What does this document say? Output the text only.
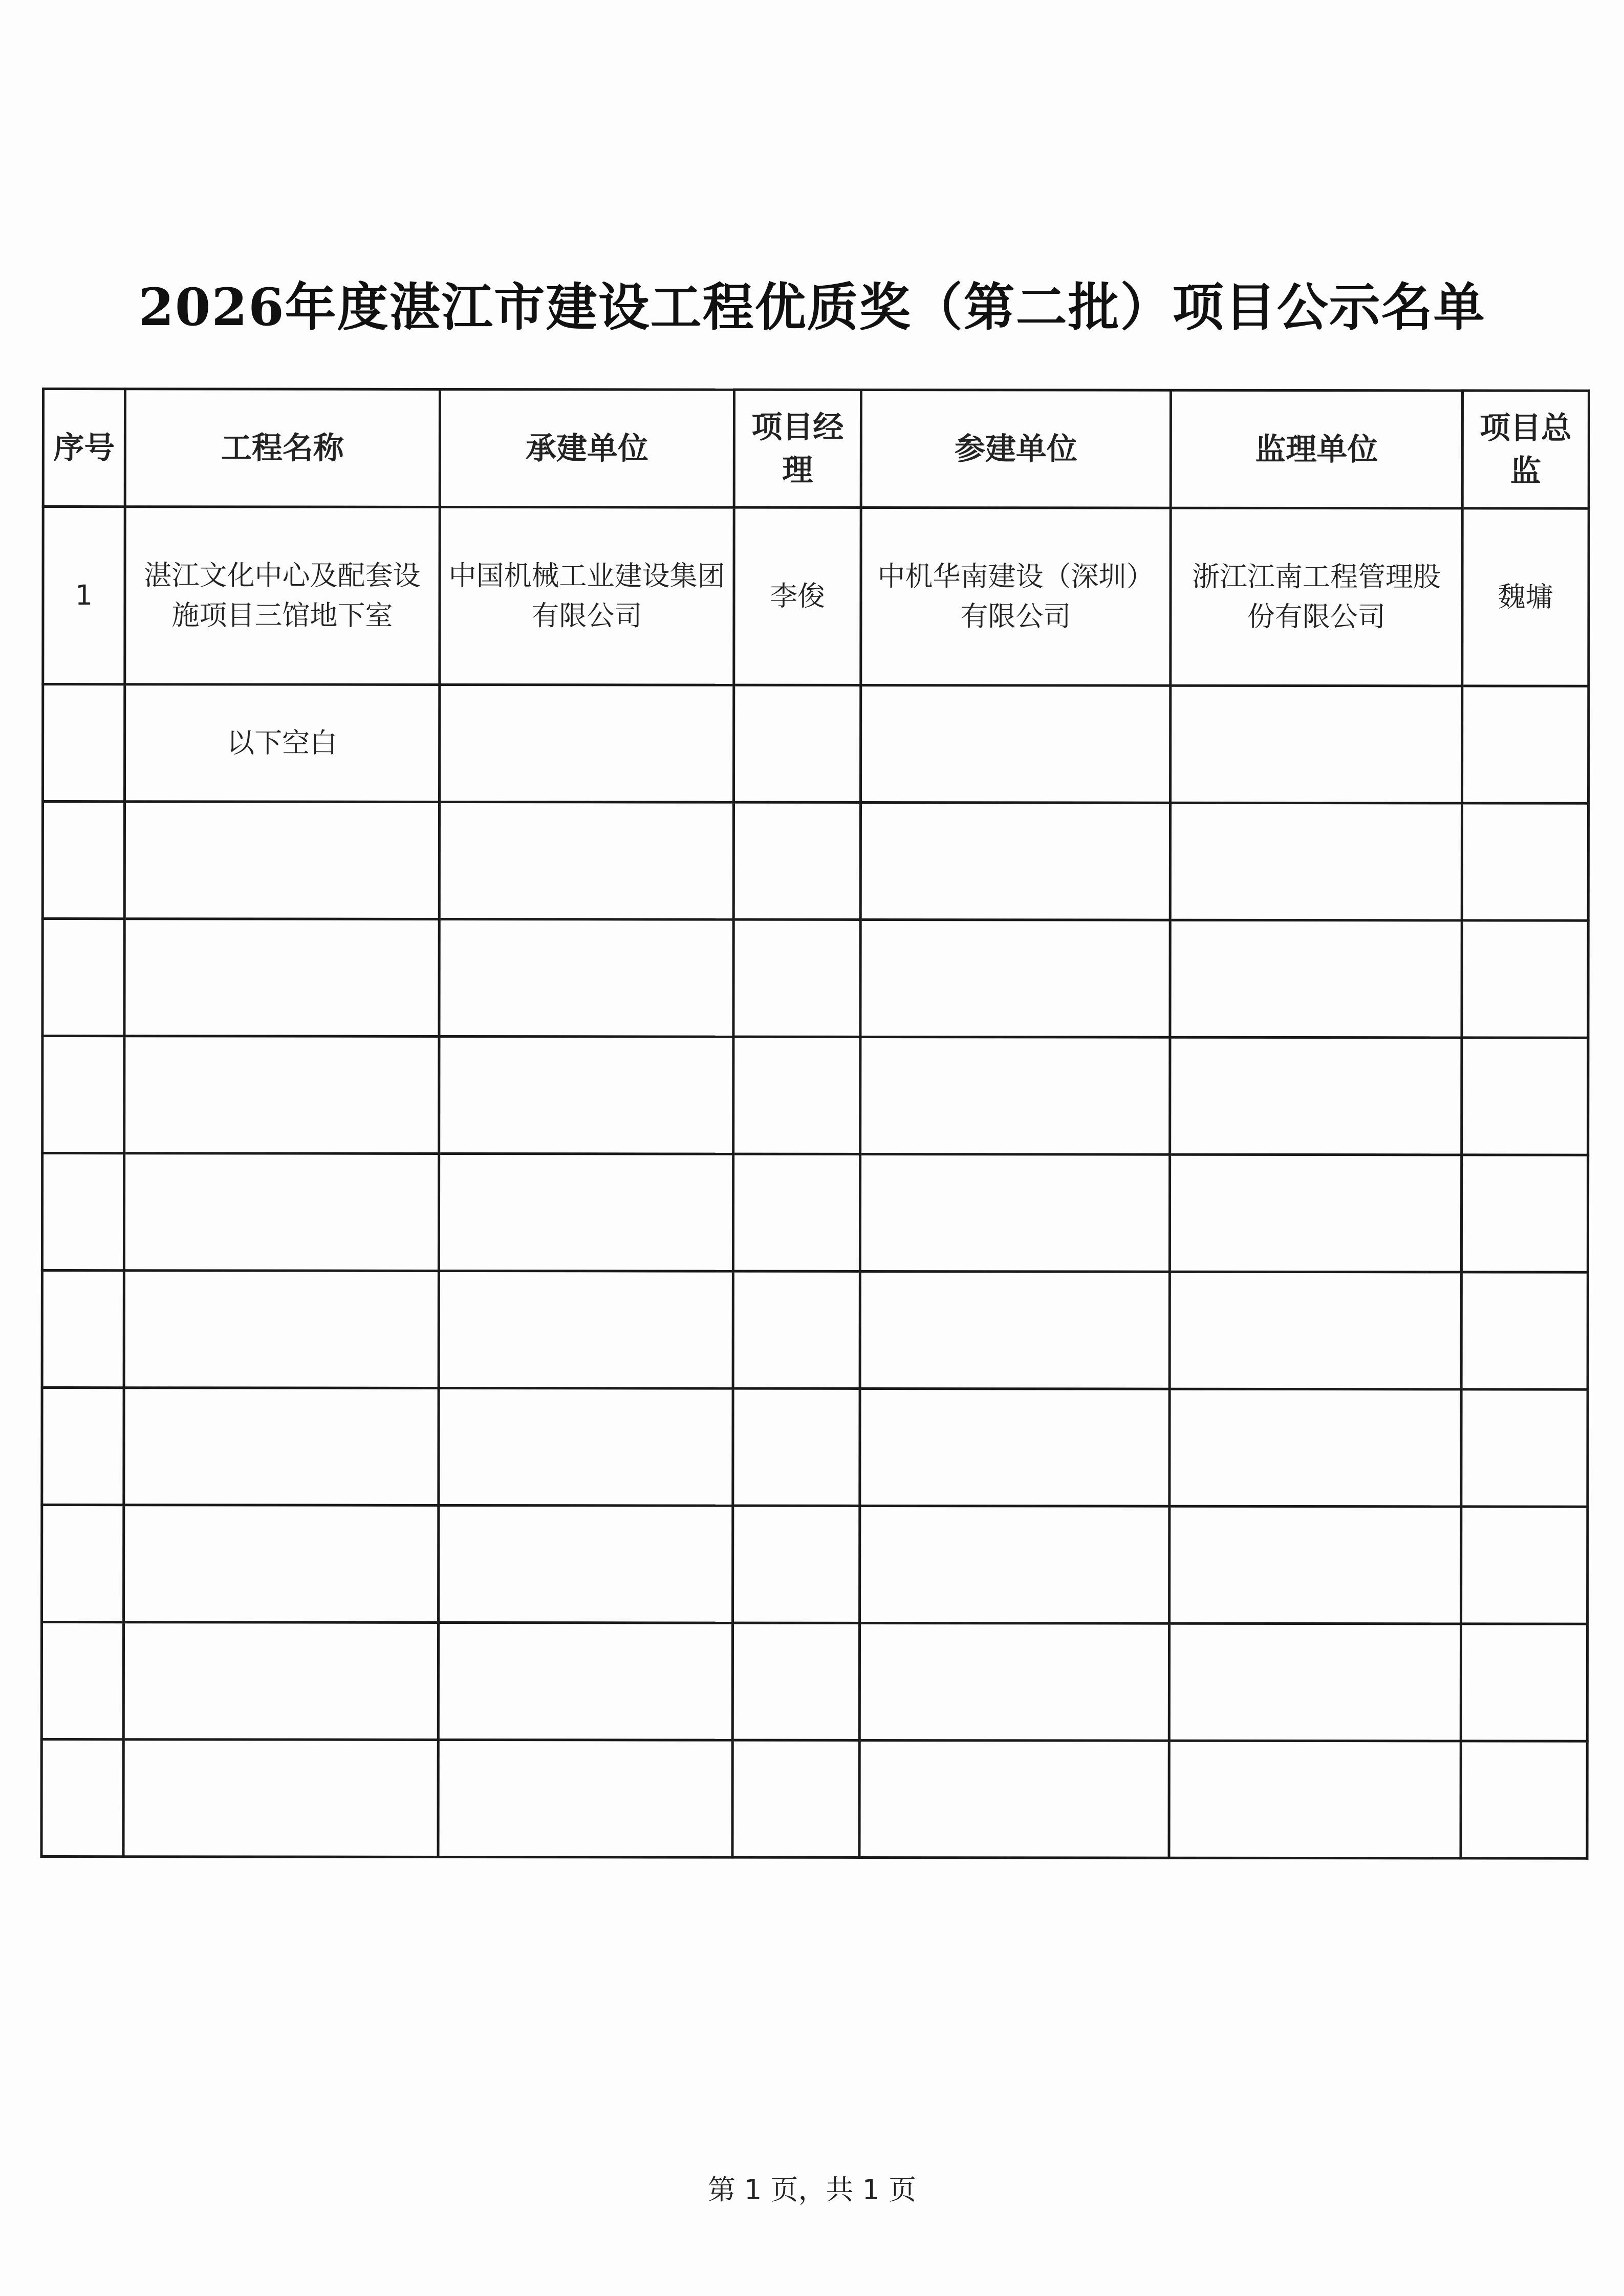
2026年度湛江市建设工程优质奖（第二批）项目公示名单
序号	工程名称	承建单位	项目经理	参建单位	监理单位	项目总监
1	湛江文化中心及配套设施项目三馆地下室	中国机械工业建设集团有限公司	李俊	中机华南建设（深圳）有限公司	浙江江南工程管理股份有限公司	魏墉
	以下空白					

第 1 页，共 1 页
